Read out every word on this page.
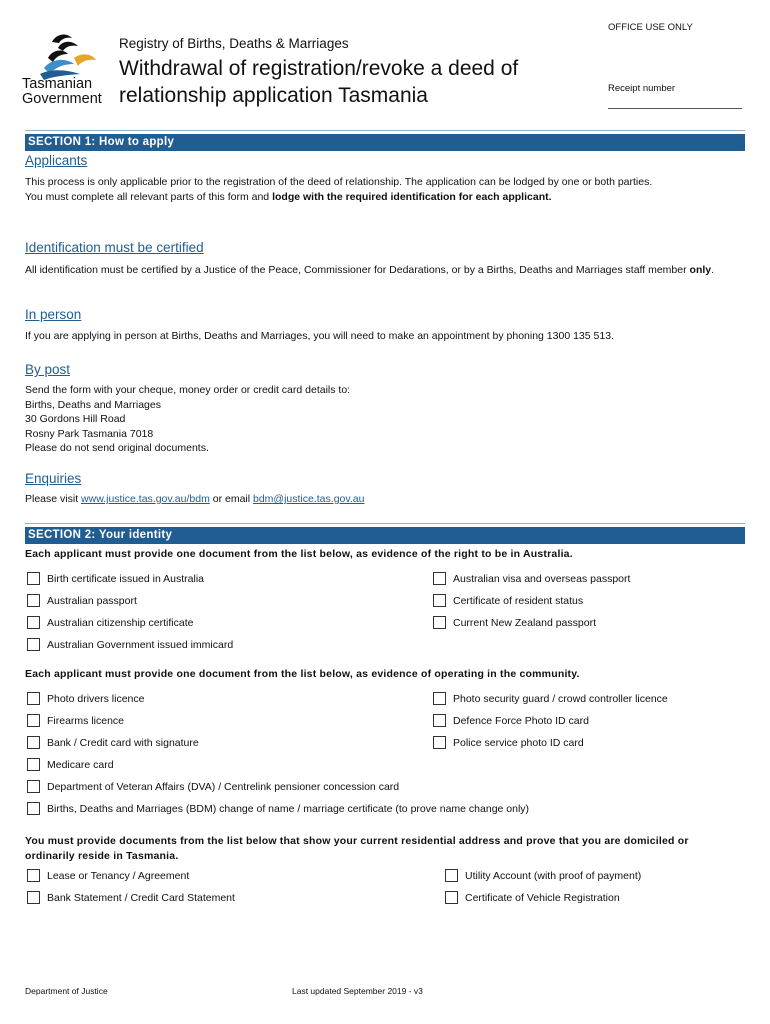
Tasmanian
Government
Registry of Births, Deaths & Marriages
Withdrawal of registration/revoke a deed of
relationship application Tasmania
OFFICE USE ONLY
Receipt number
SECTION 1: How to apply
Applicants
This process is only applicable prior to the registration of the deed of relationship. The application can be lodged by one or both parties.
You must complete all relevant parts of this form and lodge with the required identification for each applicant.
Identification must be certified
All identification must be certified by a Justice of the Peace, Commissioner for Dedarations, or by a Births, Deaths and Marriages staff member only.
In person
If you are applying in person at Births, Deaths and Marriages, you will need to make an appointment by phoning 1300 135 513.
By post
Send the form with your cheque, money order or credit card details to:
Births, Deaths and Marriages
30 Gordons Hill Road
Rosny Park Tasmania 7018
Please do not send original documents.
Enquiries
Please visit www.justice.tas.gov.au/bdm or email bdm@justice.tas.gov.au
SECTION 2: Your identity
Each applicant must provide one document from the list below, as evidence of the right to be in Australia.
Birth certificate issued in Australia
Australian passport
Australian citizenship certificate
Australian Government issued immicard
Australian visa and overseas passport
Certificate of resident status
Current New Zealand passport
Each applicant must provide one document from the list below, as evidence of operating in the community.
Photo drivers licence
Firearms licence
Bank / Credit card with signature
Medicare card
Department of Veteran Affairs (DVA) / Centrelink pensioner concession card
Births, Deaths and Marriages (BDM) change of name / marriage certificate (to prove name change only)
Photo security guard / crowd controller licence
Defence Force Photo ID card
Police service photo ID card
You must provide documents from the list below that show your current residential address and prove that you are domiciled or ordinarily reside in Tasmania.
Lease or Tenancy / Agreement
Bank Statement / Credit Card Statement
Utility Account (with proof of payment)
Certificate of Vehicle Registration
Department of Justice	Last updated September 2019 - v3
